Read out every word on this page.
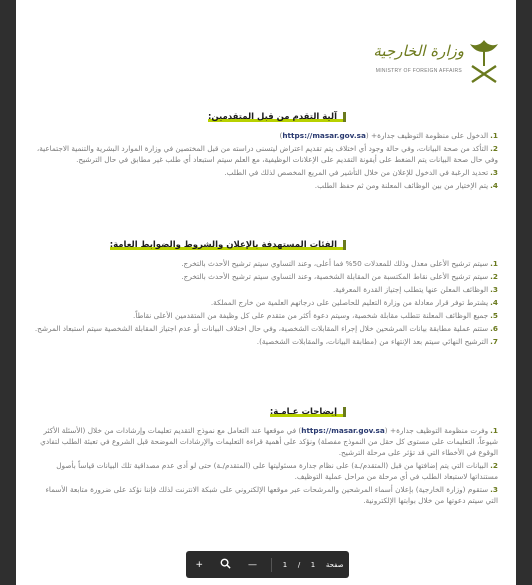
وزارة الخارجية
MINISTRY OF FOREIGN AFFAIRS
آلية التقدم من قبل المتقدمين:
1.الدخول على منظومة التوظيف جدارة+ (https://masar.gov.sa)
2.التأكد من صحة البيانات، وفي حالة وجود أي اختلاف يتم تقديم اعتراض ليتسنى دراسته من قبل المختصين في وزارة الموارد البشرية والتنمية الاجتماعية، وفي حال صحة البيانات يتم الضغط على أيقونة التقديم على الإعلانات الوظيفية، مع العلم سيتم استبعاد أي طلب غير مطابق في حال الترشيح.
3.تحديد الرغبة في الدخول للإعلان من خلال التأشير في المربع المخصص لذلك في الطلب.
4.يتم الإختيار من بين الوظائف المعلنة ومن ثم حفظ الطلب.
الفئات المستهدفة بالإعلان والشروط والضوابط العامة:
1.سيتم ترشيح الأعلى معدل وذلك للمعدلات 50% فما أعلى، وعند التساوي سيتم ترشيح الأحدث بالتخرج.
2.سيتم ترشيح الأعلى نقاط المكتسبة من المقابلة الشخصية، وعند التساوي سيتم ترشيح الأحدث بالتخرج.
3.الوظائف المعلن عنها يتطلب إجتياز القدرة المعرفية.
4.يشترط توفر قرار معادلة من وزارة التعليم للحاصلين على درجاتهم العلمية من خارج المملكة.
5.جميع الوظائف المعلنة تتطلب مقابلة شخصية، وسيتم دعوة أكثر من متقدم على كل وظيفة من المتقدمين الأعلى نقاطاً.
6.ستتم عملية مطابقة بيانات المرشحين خلال إجراء المقابلات الشخصية، وفي حال اختلاف البيانات أو عدم اجتياز المقابلة الشخصية سيتم استبعاد المرشح.
7.الترشيح النهائي سيتم بعد الإنتهاء من (مطابقة البيانات، والمقابلات الشخصية).
إيضاحات عـامـة:
1.وفرت منظومة التوظيف جدارة+ (https://masar.gov.sa) في موقعها عند التعامل مع نموذج التقديم تعليمات وإرشادات من خلال (الأسئلة الأكثر شيوعاً، التعليمات على مستوى كل حقل من النموذج مفصلة) ونؤكد على أهمية قراءة التعليمات والإرشادات الموضحة قبل الشروع في تعبئة الطلب لتفادي الوقوع في الأخطاء التي قد تؤثر على مرحلة الترشيح.
2.البيانات التي يتم إضافتها من قبل (المتقدم/ـة) على نظام جدارة مسئوليتها على (المتقدم/ـة) حتى لو أدى عدم مصداقية تلك البيانات قياساً بأصول مستنداتها لاستبعاد الطلب في أي مرحلة من مراحل عملية التوظيف.
3.ستقوم (وزارة الخارجية) بإعلان أسماء المرشحين والمرشحات عبر موقعها الإلكتروني على شبكة الانترنت لذلك فإننا نؤكد على ضرورة متابعة الأسماء التي سيتم دعوتها من خلال بوابتها الإلكترونية.
+	—	1 / 1 صفحة
